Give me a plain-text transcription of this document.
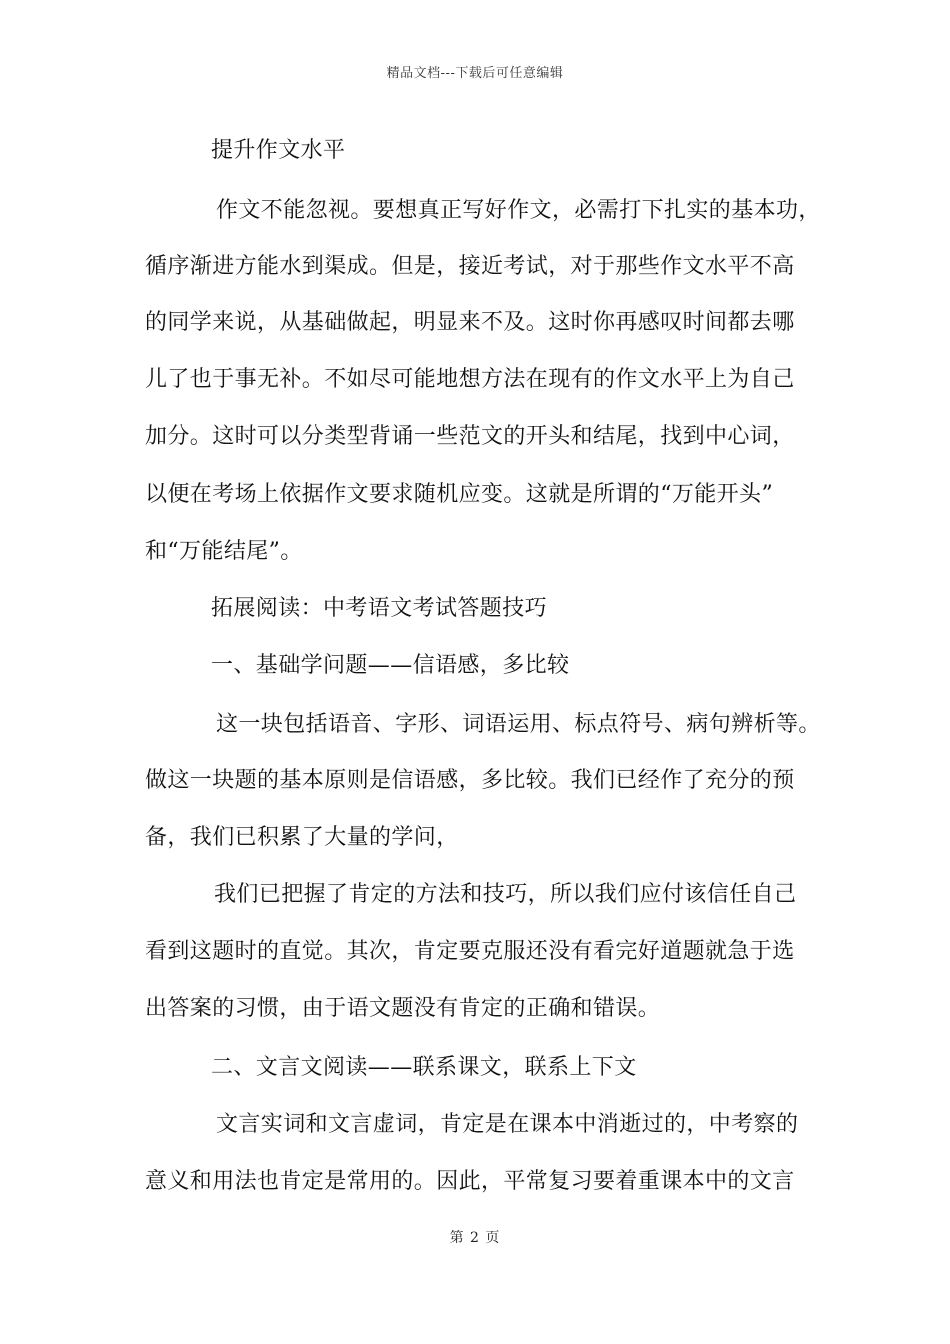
精品文档---下载后可任意编辑
提升作文水平
作文不能忽视。要想真正写好作文，必需打下扎实的基本功，
循序渐进方能水到渠成。但是，接近考试，对于那些作文水平不高
的同学来说，从基础做起，明显来不及。这时你再感叹时间都去哪
儿了也于事无补。不如尽可能地想方法在现有的作文水平上为自己
加分。这时可以分类型背诵一些范文的开头和结尾，找到中心词，
以便在考场上依据作文要求随机应变。这就是所谓的“万能开头”
和“万能结尾”。
拓展阅读：中考语文考试答题技巧
一、基础学问题——信语感，多比较
这一块包括语音、字形、词语运用、标点符号、病句辨析等。
做这一块题的基本原则是信语感，多比较。我们已经作了充分的预
备，我们已积累了大量的学问，
我们已把握了肯定的方法和技巧，所以我们应付该信任自己
看到这题时的直觉。其次，肯定要克服还没有看完好道题就急于选
出答案的习惯，由于语文题没有肯定的正确和错误。
二、文言文阅读——联系课文，联系上下文
文言实词和文言虚词，肯定是在课本中消逝过的，中考察的
意义和用法也肯定是常用的。因此，平常复习要着重课本中的文言
第 2 页
